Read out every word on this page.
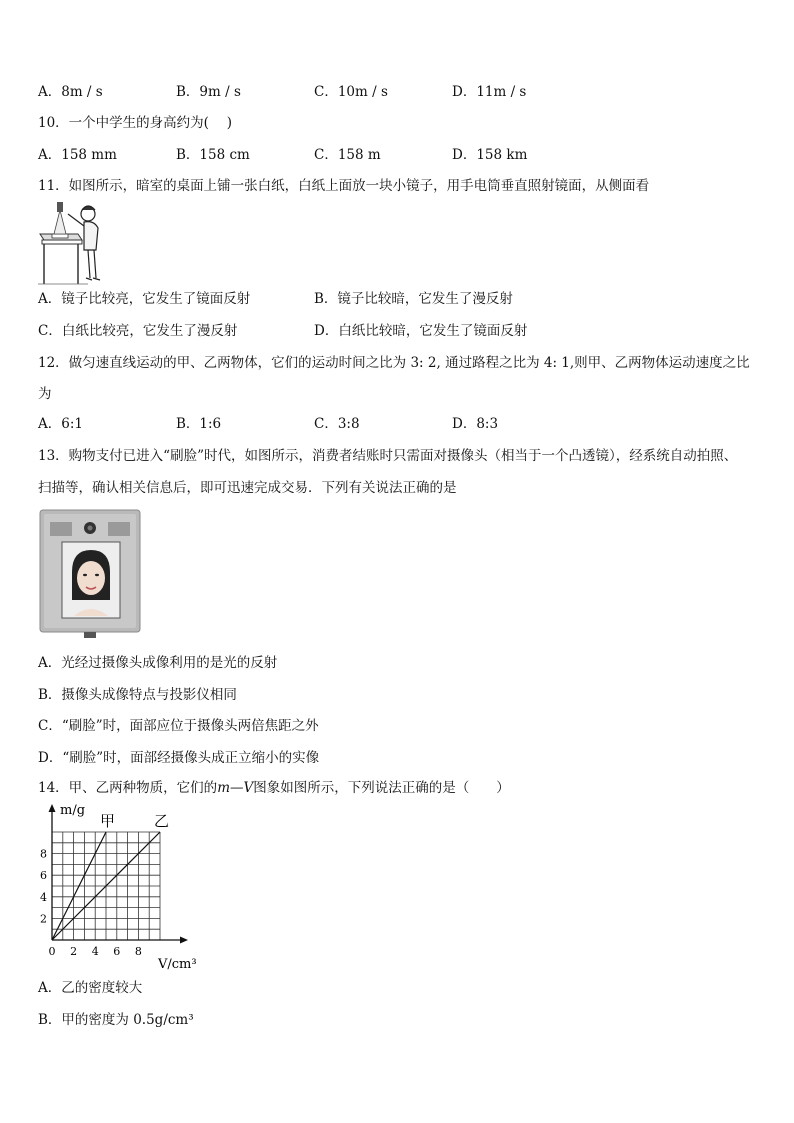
A．8m / s	B．9m / s	C．10m / s	D．11m / s
10．一个中学生的身高约为(　 )
A．158 mm	B．158 cm	C．158 m	D．158 km
11．如图所示，暗室的桌面上铺一张白纸，白纸上面放一块小镜子，用手电筒垂直照射镜面，从侧面看
A．镜子比较亮，它发生了镜面反射	B．镜子比较暗，它发生了漫反射
C．白纸比较亮，它发生了漫反射	D．白纸比较暗，它发生了镜面反射
12．做匀速直线运动的甲、乙两物体，它们的运动时间之比为 3: 2, 通过路程之比为 4: 1,则甲、乙两物体运动速度之比
为
A．6:1	B．1:6	C．3:8	D．8:3
13．购物支付已进入“刷脸”时代，如图所示，消费者结账时只需面对摄像头（相当于一个凸透镜），经系统自动拍照、
扫描等，确认相关信息后，即可迅速完成交易．下列有关说法正确的是
A．光经过摄像头成像利用的是光的反射
B．摄像头成像特点与投影仪相同
C．“刷脸”时，面部应位于摄像头两倍焦距之外
D．“刷脸”时，面部经摄像头成正立缩小的实像
14．甲、乙两种物质，它们的m—V图象如图所示，下列说法正确的是（　　）
甲	乙
0 2 4 6 8
2
4
6
8
m/g
V/cm³
A．乙的密度较大
B．甲的密度为 0.5g/cm³
